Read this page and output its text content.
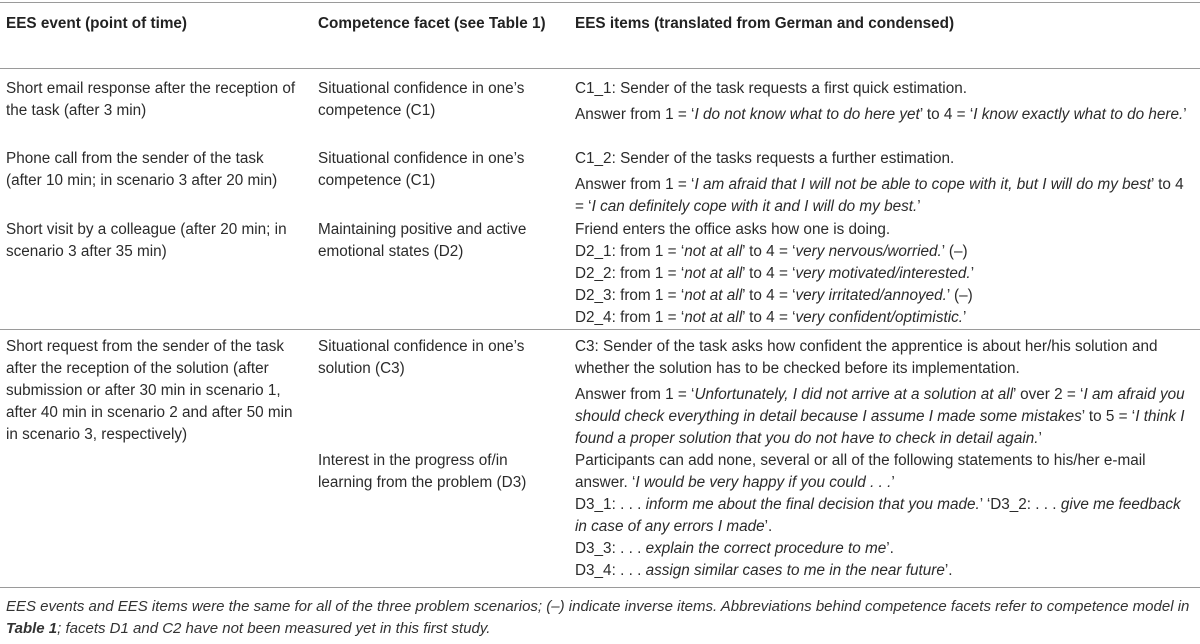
EES event (point of time)	Competence facet (see Table 1)	EES items (translated from German and condensed)
Short email response after the reception of the task (after 3 min)
Situational confidence in one’s competence (C1)

C1_1: Sender of the task requests a first quick estimation.

Answer from 1 = ‘I do not know what to do here yet’ to 4 = ‘I know exactly what to do here.’

Phone call from the sender of the task (after 10 min; in scenario 3 after 20 min)
Situational confidence in one’s competence (C1)

C1_2: Sender of the tasks requests a further estimation.

Answer from 1 = ‘I am afraid that I will not be able to cope with it, but I will do my best’ to 4 = ‘I can definitely cope with it and I will do my best.’

Short visit by a colleague (after 20 min; in scenario 3 after 35 min)
Maintaining positive and active emotional states (D2)

Friend enters the office asks how one is doing.

D2_1: from 1 = ‘not at all’ to 4 = ‘very nervous/worried.’ (–)

D2_2: from 1 = ‘not at all’ to 4 = ‘very motivated/interested.’

D2_3: from 1 = ‘not at all’ to 4 = ‘very irritated/annoyed.’ (–)

D2_4: from 1 = ‘not at all’ to 4 = ‘very confident/optimistic.’

Short request from the sender of the task after the reception of the solution (after submission or after 30 min in scenario 1, after 40 min in scenario 2 and after 50 min in scenario 3, respectively)
Situational confidence in one’s solution (C3)

C3: Sender of the task asks how confident the apprentice is about her/his solution and whether the solution has to be checked before its implementation.

Answer from 1 = ‘Unfortunately, I did not arrive at a solution at all’ over 2 = ‘I am afraid you should check everything in detail because I assume I made some mistakes’ to 5 = ‘I think I found a proper solution that you do not have to check in detail again.’

Interest in the progress of/in learning from the problem (D3)

Participants can add none, several or all of the following statements to his/her e-mail answer. ‘I would be very happy if you could . . .’

D3_1: . . . inform me about the final decision that you made.’ ‘D3_2: . . . give me feedback in case of any errors I made’.

D3_3: . . . explain the correct procedure to me’.

D3_4: . . . assign similar cases to me in the near future’.

EES events and EES items were the same for all of the three problem scenarios; (–) indicate inverse items. Abbreviations behind competence facets refer to competence model in Table 1; facets D1 and C2 have not been measured yet in this first study.
